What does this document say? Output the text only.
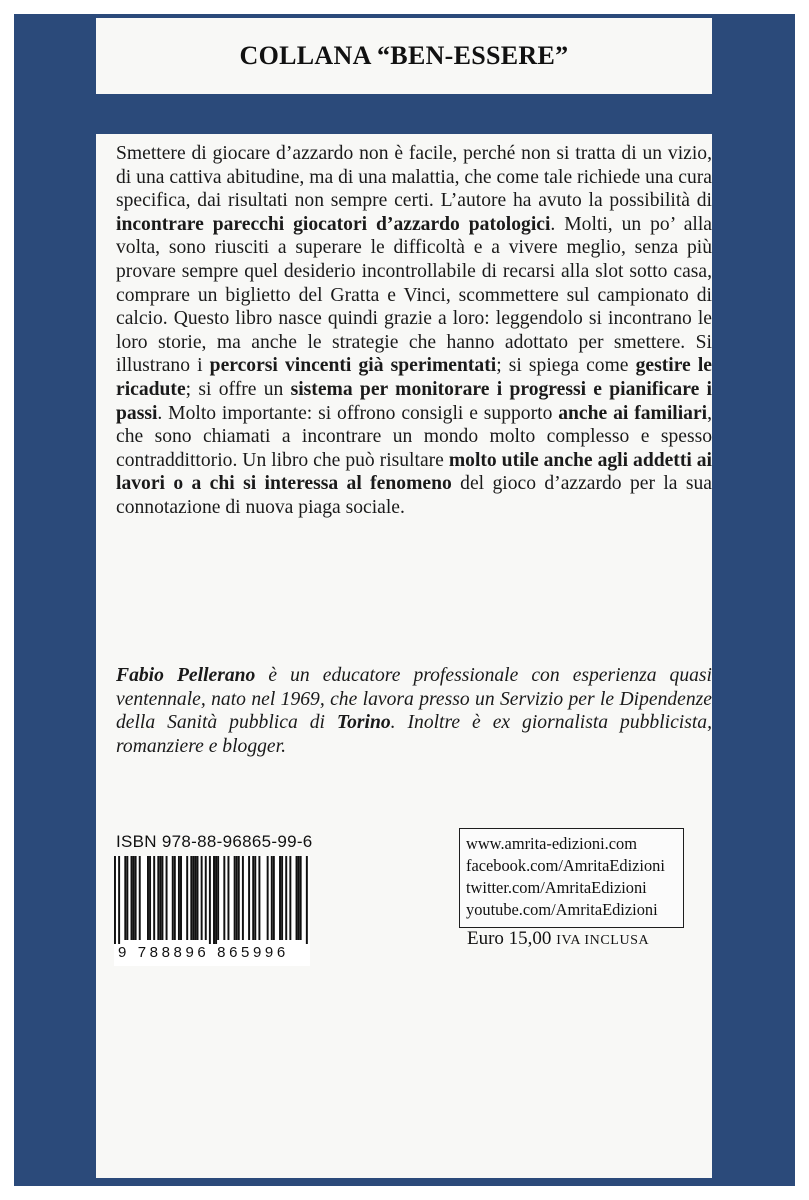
COLLANA “BEN-ESSERE”
Smettere di giocare d’azzardo non è facile, perché non si tratta di un vizio, di una cattiva abitudine, ma di una malattia, che come tale richiede una cura specifica, dai risultati non sempre certi. L’autore ha avuto la possibilità di incontrare parecchi giocatori d’azzardo patologici. Molti, un po’ alla volta, sono riusciti a superare le difficoltà e a vivere meglio, senza più provare sempre quel desiderio incontrollabile di recarsi alla slot sotto casa, comprare un biglietto del Gratta e Vinci, scommettere sul campionato di calcio. Questo libro nasce quindi grazie a loro: leggendolo si incontrano le loro storie, ma anche le strategie che hanno adottato per smettere. Si illustrano i percorsi vincenti già sperimentati; si spiega come gestire le ricadute; si offre un sistema per monitorare i progressi e pianificare i passi. Molto importante: si offrono consigli e supporto anche ai familiari, che sono chiamati a incontrare un mondo molto complesso e spesso contraddittorio. Un libro che può risultare molto utile anche agli addetti ai lavori o a chi si interessa al fenomeno del gioco d’azzardo per la sua connotazione di nuova piaga sociale.
Fabio Pellerano è un educatore professionale con esperienza quasi ventennale, nato nel 1969, che lavora presso un Servizio per le Dipendenze della Sanità pubblica di Torino. Inoltre è ex giornalista pubblicista, romanziere e blogger.
ISBN 978-88-96865-99-6
9 788896 865996
www.amrita-edizioni.com
facebook.com/AmritaEdizioni
twitter.com/AmritaEdizioni
youtube.com/AmritaEdizioni
Euro 15,00 IVA INCLUSA
